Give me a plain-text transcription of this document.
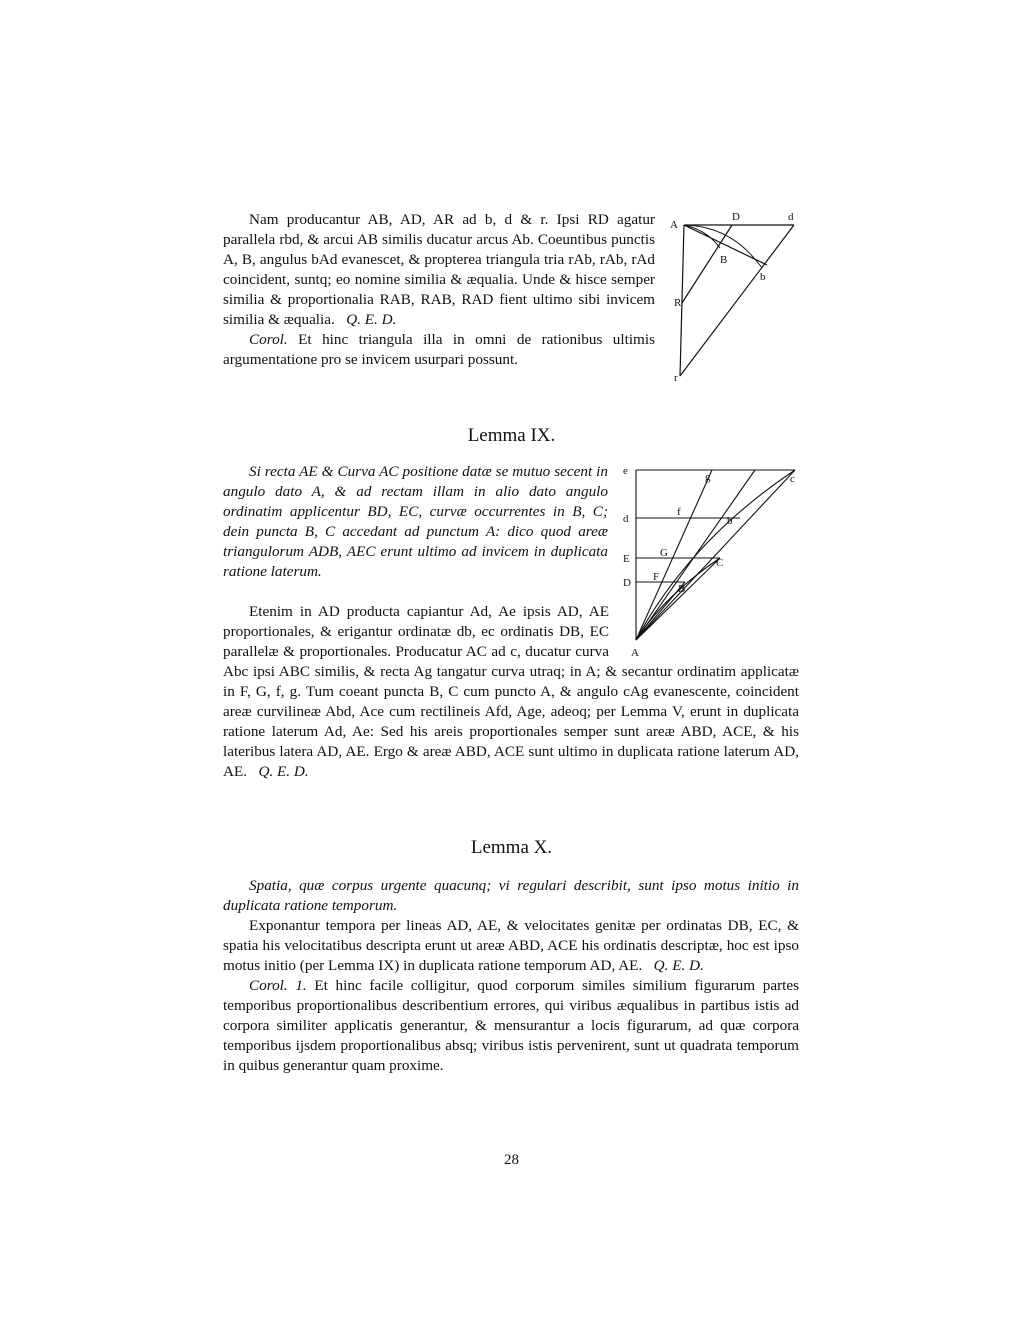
Nam producantur AB, AD, AR ad b, d & r. Ipsi RD agatur parallela rbd, & arcui AB similis ducatur arcus Ab. Coeuntibus punctis A, B, angulus bAd evanescet, & propterea triangula tria rAb, rAb, rAd coincident, suntq; eo nomine similia & æqualia. Unde & hisce semper similia & proportionalia RAB, RAB, RAD fient ultimo sibi invicem similia & æqualia. Q. E. D.

Corol. Et hinc triangula illa in omni de rationibus ultimis argumentatione pro se invicem usurpari possunt.

A
D	d
B
b
R
r
Lemma IX.

Si recta AE & Curva AC positione datæ se mutuo secent in angulo dato A, & ad rectam illam in alio dato angulo ordinatim applicentur BD, EC, curvæ occurrentes in B, C; dein puncta B, C accedant ad punctum A: dico quod areæ triangulorum ADB, AEC erunt ultimo ad invicem in duplicata ratione laterum.

Etenim in AD producta capiantur Ad, Ae ipsis AD, AE proportionales, & erigantur ordinatæ db, ec ordinatis DB, EC parallelæ & proportionales. Producatur AC ad c, ducatur curva Abc ipsi ABC similis, & recta Ag tangatur curva utraq; in A; & secantur ordinatim applicatæ in F, G, f, g. Tum coeant puncta B, C cum puncto A, & angulo cAg evanescente, coincident areæ curvilineæ Abd, Ace cum rectilineis Afd, Age, adeoq; per Lemma V, erunt in duplicata ratione laterum Ad, Ae: Sed his areis proportionales semper sunt areæ ABD, ACE, & his lateribus latera AD, AE. Ergo & areæ ABD, ACE sunt ultimo in duplicata ratione laterum AD, AE. Q. E. D.

e	g	c
d
f
b
E	G
C
F
D	B
A
Lemma X.

Spatia, quæ corpus urgente quacunq; vi regulari describit, sunt ipso motus initio in duplicata ratione temporum.

Exponantur tempora per lineas AD, AE, & velocitates genitæ per ordinatas DB, EC, & spatia his velocitatibus descripta erunt ut areæ ABD, ACE his ordinatis descriptæ, hoc est ipso motus initio (per Lemma IX) in duplicata ratione temporum AD, AE. Q. E. D.

Corol. 1. Et hinc facile colligitur, quod corporum similes similium figurarum partes temporibus proportionalibus describentium errores, qui viribus æqualibus in partibus istis ad corpora similiter applicatis generantur, & mensurantur a locis figurarum, ad quæ corpora temporibus ijsdem proportionalibus absq; viribus istis pervenirent, sunt ut quadrata temporum in quibus generantur quam proxime.

28
